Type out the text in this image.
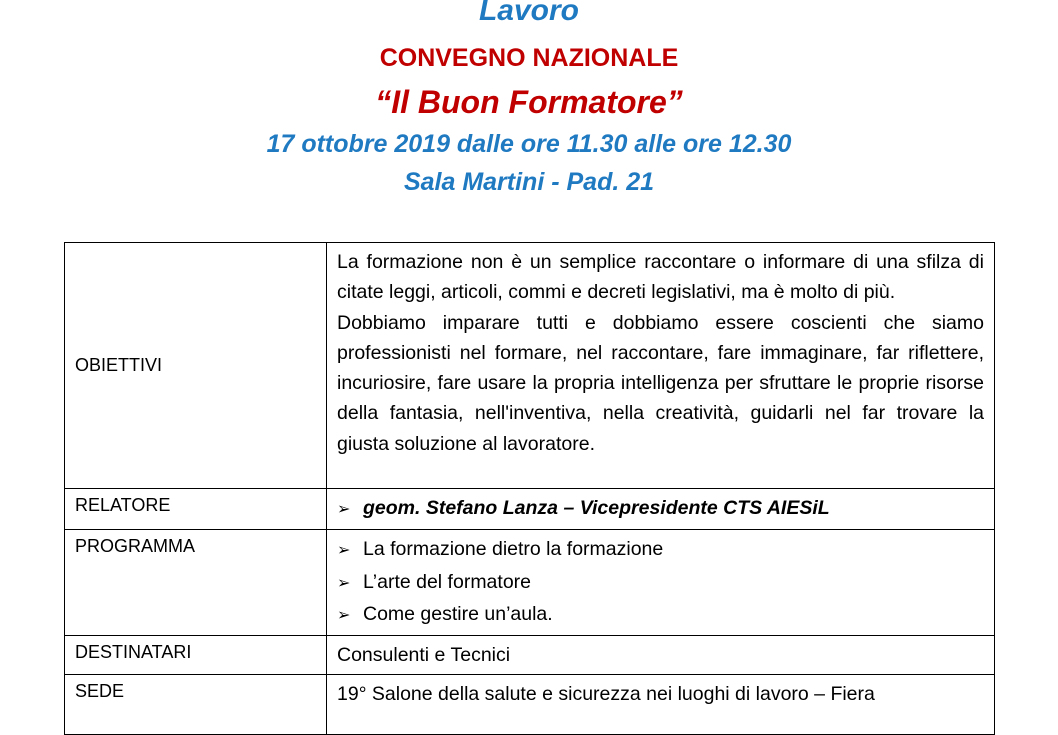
Lavoro
CONVEGNO NAZIONALE
“Il Buon Formatore”
17 ottobre 2019 dalle ore 11.30 alle ore 12.30
Sala Martini - Pad. 21
OBIETTIVI	La formazione non è un semplice raccontare o informare di una sfilza di citate leggi, articoli, commi e decreti legislativi, ma è molto di più.
Dobbiamo imparare tutti e dobbiamo essere coscienti che siamo professionisti nel formare, nel raccontare, fare immaginare, far riflettere, incuriosire, fare usare la propria intelligenza per sfruttare le proprie risorse della fantasia, nell'inventiva, nella creatività, guidarli nel far trovare la giusta soluzione al lavoratore.

RELATORE	➢ geom. Stefano Lanza – Vicepresidente CTS AIESiL

PROGRAMMA	➢ La formazione dietro la formazione
➢ L’arte del formatore
➢ Come gestire un’aula.

DESTINATARI	Consulenti e Tecnici
SEDE	19° Salone della salute e sicurezza nei luoghi di lavoro – Fiera
